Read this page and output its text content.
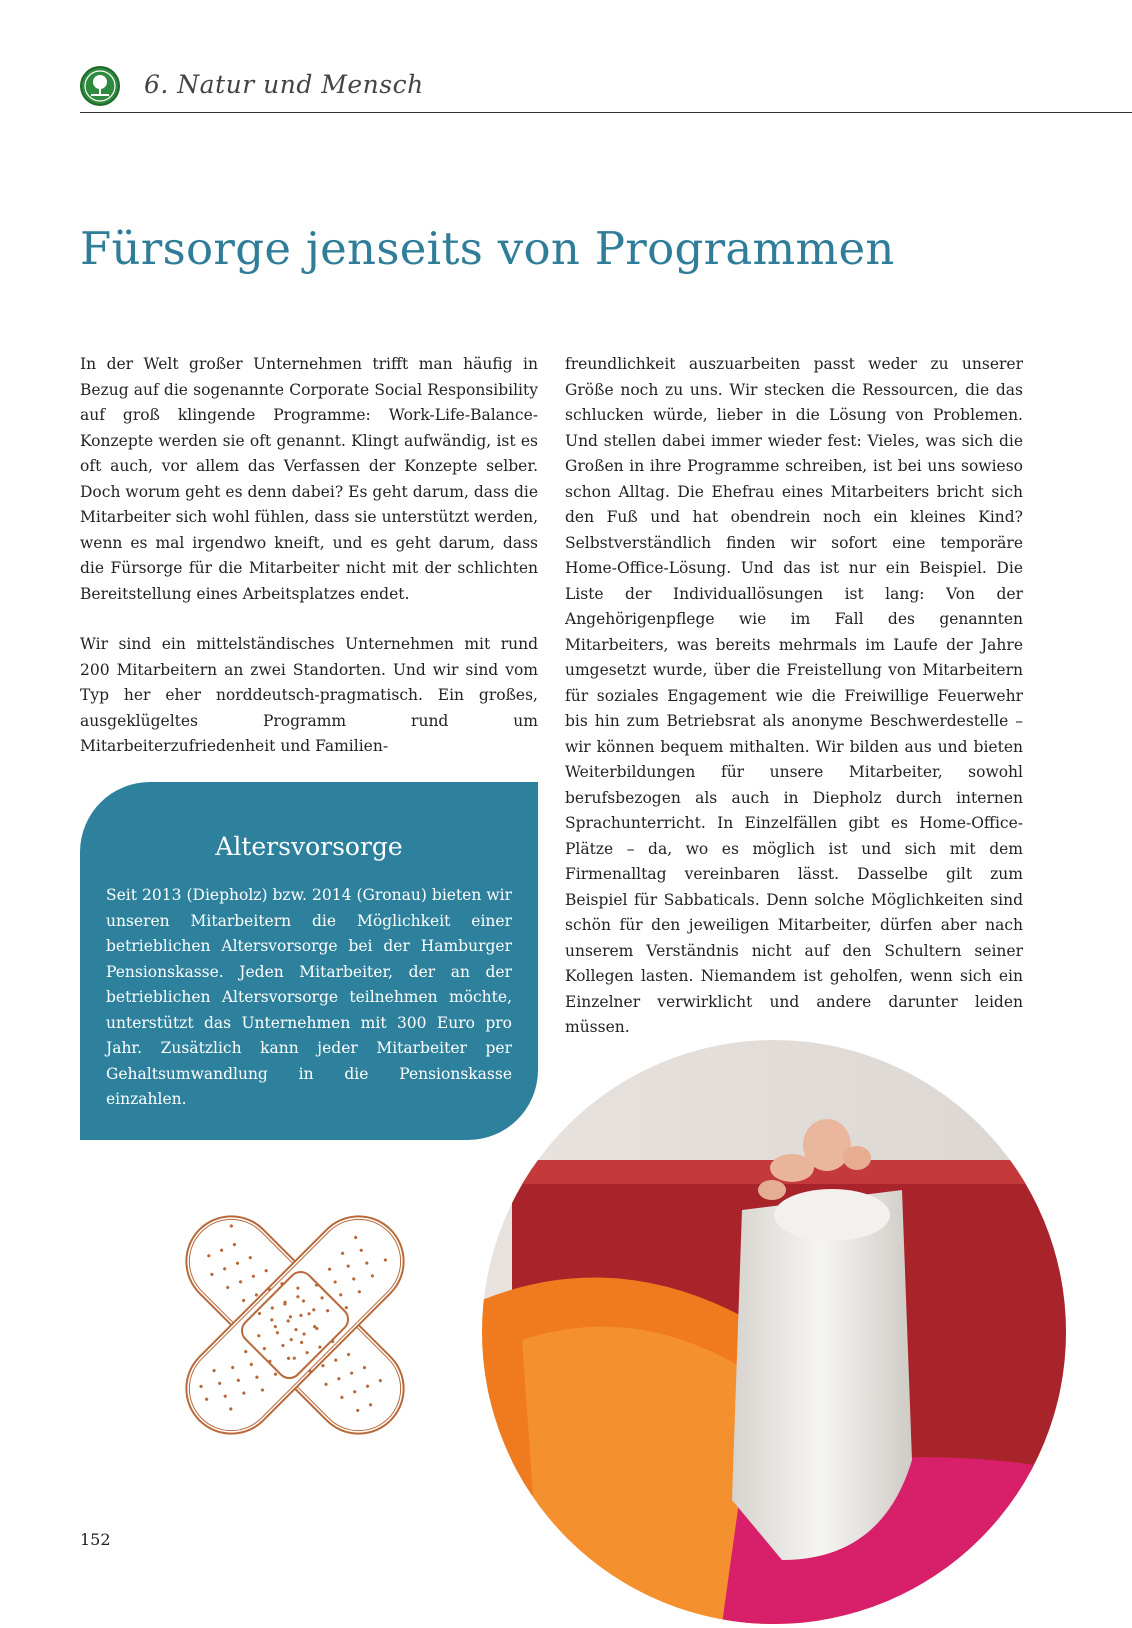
6. Natur und Mensch
Fürsorge jenseits von Programmen

In der Welt großer Unternehmen trifft man häufig in Bezug auf die sogenannte Corporate Social Responsibility auf groß klingende Programme: Work-Life-Balance-Konzepte werden sie oft genannt. Klingt aufwändig, ist es oft auch, vor allem das Verfassen der Konzepte selber. Doch worum geht es denn dabei? Es geht darum, dass die Mitarbeiter sich wohl fühlen, dass sie unterstützt werden, wenn es mal irgendwo kneift, und es geht darum, dass die Fürsorge für die Mitarbeiter nicht mit der schlichten Bereitstellung eines Arbeitsplatzes endet.

Wir sind ein mittelständisches Unternehmen mit rund 200 Mitarbeitern an zwei Standorten. Und wir sind vom Typ her eher norddeutsch-pragmatisch. Ein großes, ausgeklügeltes Programm rund um Mitarbeiterzufriedenheit und Familien-

freundlichkeit auszuarbeiten passt weder zu unserer Größe noch zu uns. Wir stecken die Ressourcen, die das schlucken würde, lieber in die Lösung von Problemen. Und stellen dabei immer wieder fest: Vieles, was sich die Großen in ihre Programme schreiben, ist bei uns sowieso schon Alltag. Die Ehefrau eines Mitarbeiters bricht sich den Fuß und hat obendrein noch ein kleines Kind? Selbstverständlich finden wir sofort eine temporäre Home-Office-Lösung. Und das ist nur ein Beispiel. Die Liste der Individuallösungen ist lang: Von der Angehörigenpflege wie im Fall des genannten Mitarbeiters, was bereits mehrmals im Laufe der Jahre umgesetzt wurde, über die Freistellung von Mitarbeitern für soziales Engagement wie die Freiwillige Feuerwehr bis hin zum Betriebsrat als anonyme Beschwerdestelle – wir können bequem mithalten. Wir bilden aus und bieten Weiterbildungen für unsere Mitarbeiter, sowohl berufsbezogen als auch in Diepholz durch internen Sprachunterricht. In Einzelfällen gibt es Home-Office-Plätze – da, wo es möglich ist und sich mit dem Firmenalltag vereinbaren lässt. Dasselbe gilt zum Beispiel für Sabbaticals. Denn solche Möglichkeiten sind schön für den jeweiligen Mitarbeiter, dürfen aber nach unserem Verständnis nicht auf den Schultern seiner Kollegen lasten. Niemandem ist geholfen, wenn sich ein Einzelner verwirklicht und andere darunter leiden müssen.

Altersvorsorge
Seit 2013 (Diepholz) bzw. 2014 (Gronau) bieten wir unseren Mitarbeitern die Möglichkeit einer betrieblichen Altersvorsorge bei der Hamburger Pensionskasse. Jeden Mitarbeiter, der an der betrieblichen Altersvorsorge teilnehmen möchte, unterstützt das Unternehmen mit 300 Euro pro Jahr. Zusätzlich kann jeder Mitarbeiter per Gehaltsumwandlung in die Pensionskasse einzahlen.
152
